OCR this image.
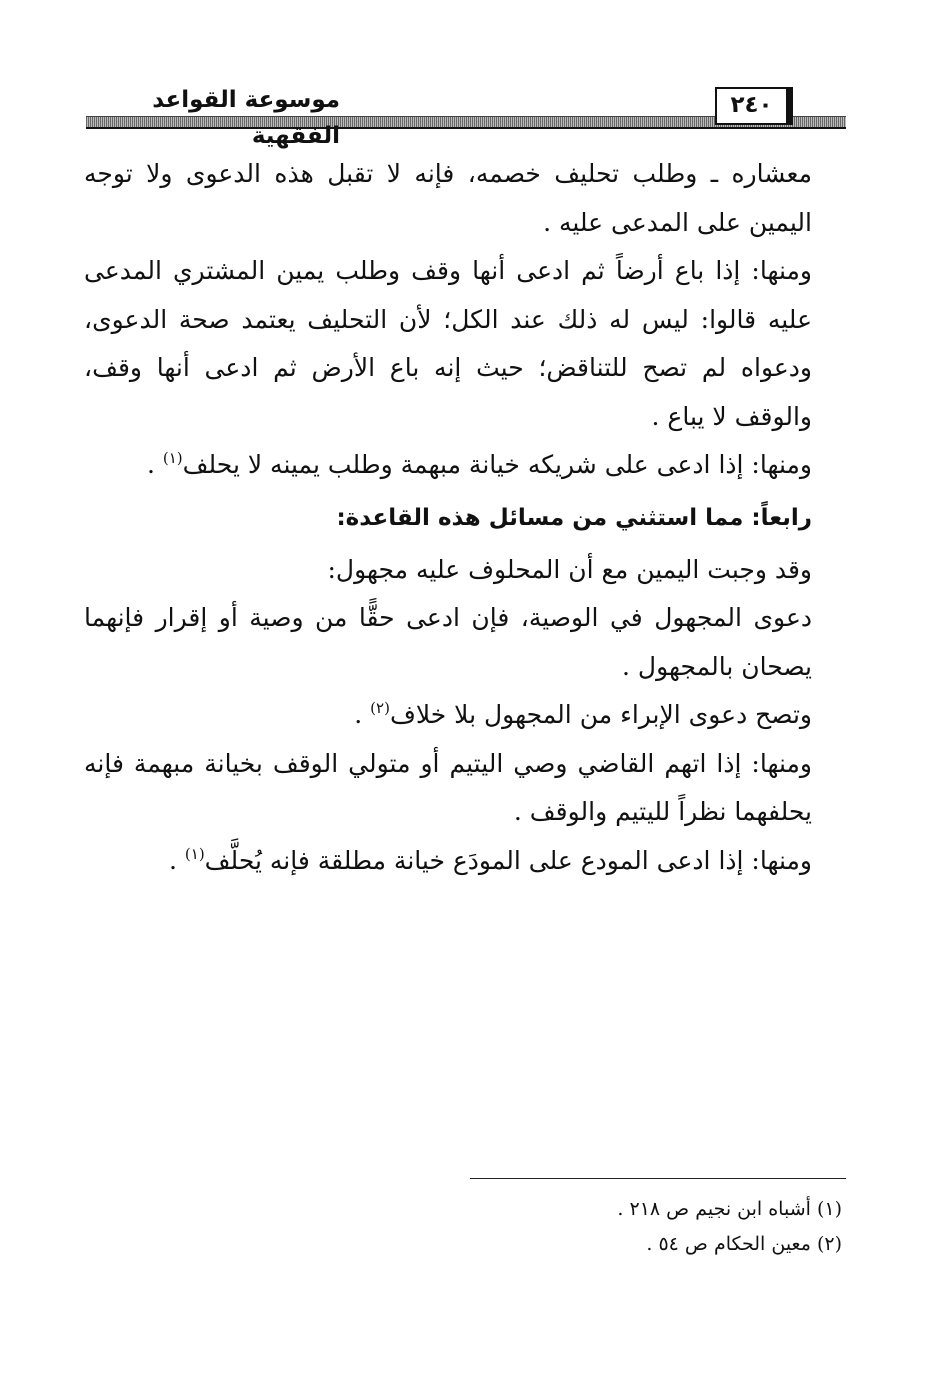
موسوعة القواعد الفقهية
٢٤٠

معشاره ـ وطلب تحليف خصمه، فإنه لا تقبل هذه الدعوى ولا توجه اليمين على المدعى عليه .

ومنها: إذا باع أرضاً ثم ادعى أنها وقف وطلب يمين المشتري المدعى عليه قالوا: ليس له ذلك عند الكل؛ لأن التحليف يعتمد صحة الدعوى، ودعواه لم تصح للتناقض؛ حيث إنه باع الأرض ثم ادعى أنها وقف، والوقف لا يباع .

ومنها: إذا ادعى على شريكه خيانة مبهمة وطلب يمينه لا يحلف$^{(١)}$ .

رابعاً: مما استثني من مسائل هذه القاعدة:

وقد وجبت اليمين مع أن المحلوف عليه مجهول:

دعوى المجهول في الوصية، فإن ادعى حقًّا من وصية أو إقرار فإنهما يصحان بالمجهول .

وتصح دعوى الإبراء من المجهول بلا خلاف$^{(٢)}$ .

ومنها: إذا اتهم القاضي وصي اليتيم أو متولي الوقف بخيانة مبهمة فإنه يحلفهما نظراً لليتيم والوقف .

ومنها: إذا ادعى المودع على المودَع خيانة مطلقة فإنه يُحلَّف$^{(١)}$ .

(١) أشباه ابن نجيم ص ٢١٨ .

(٢) معين الحكام ص ٥٤ .
